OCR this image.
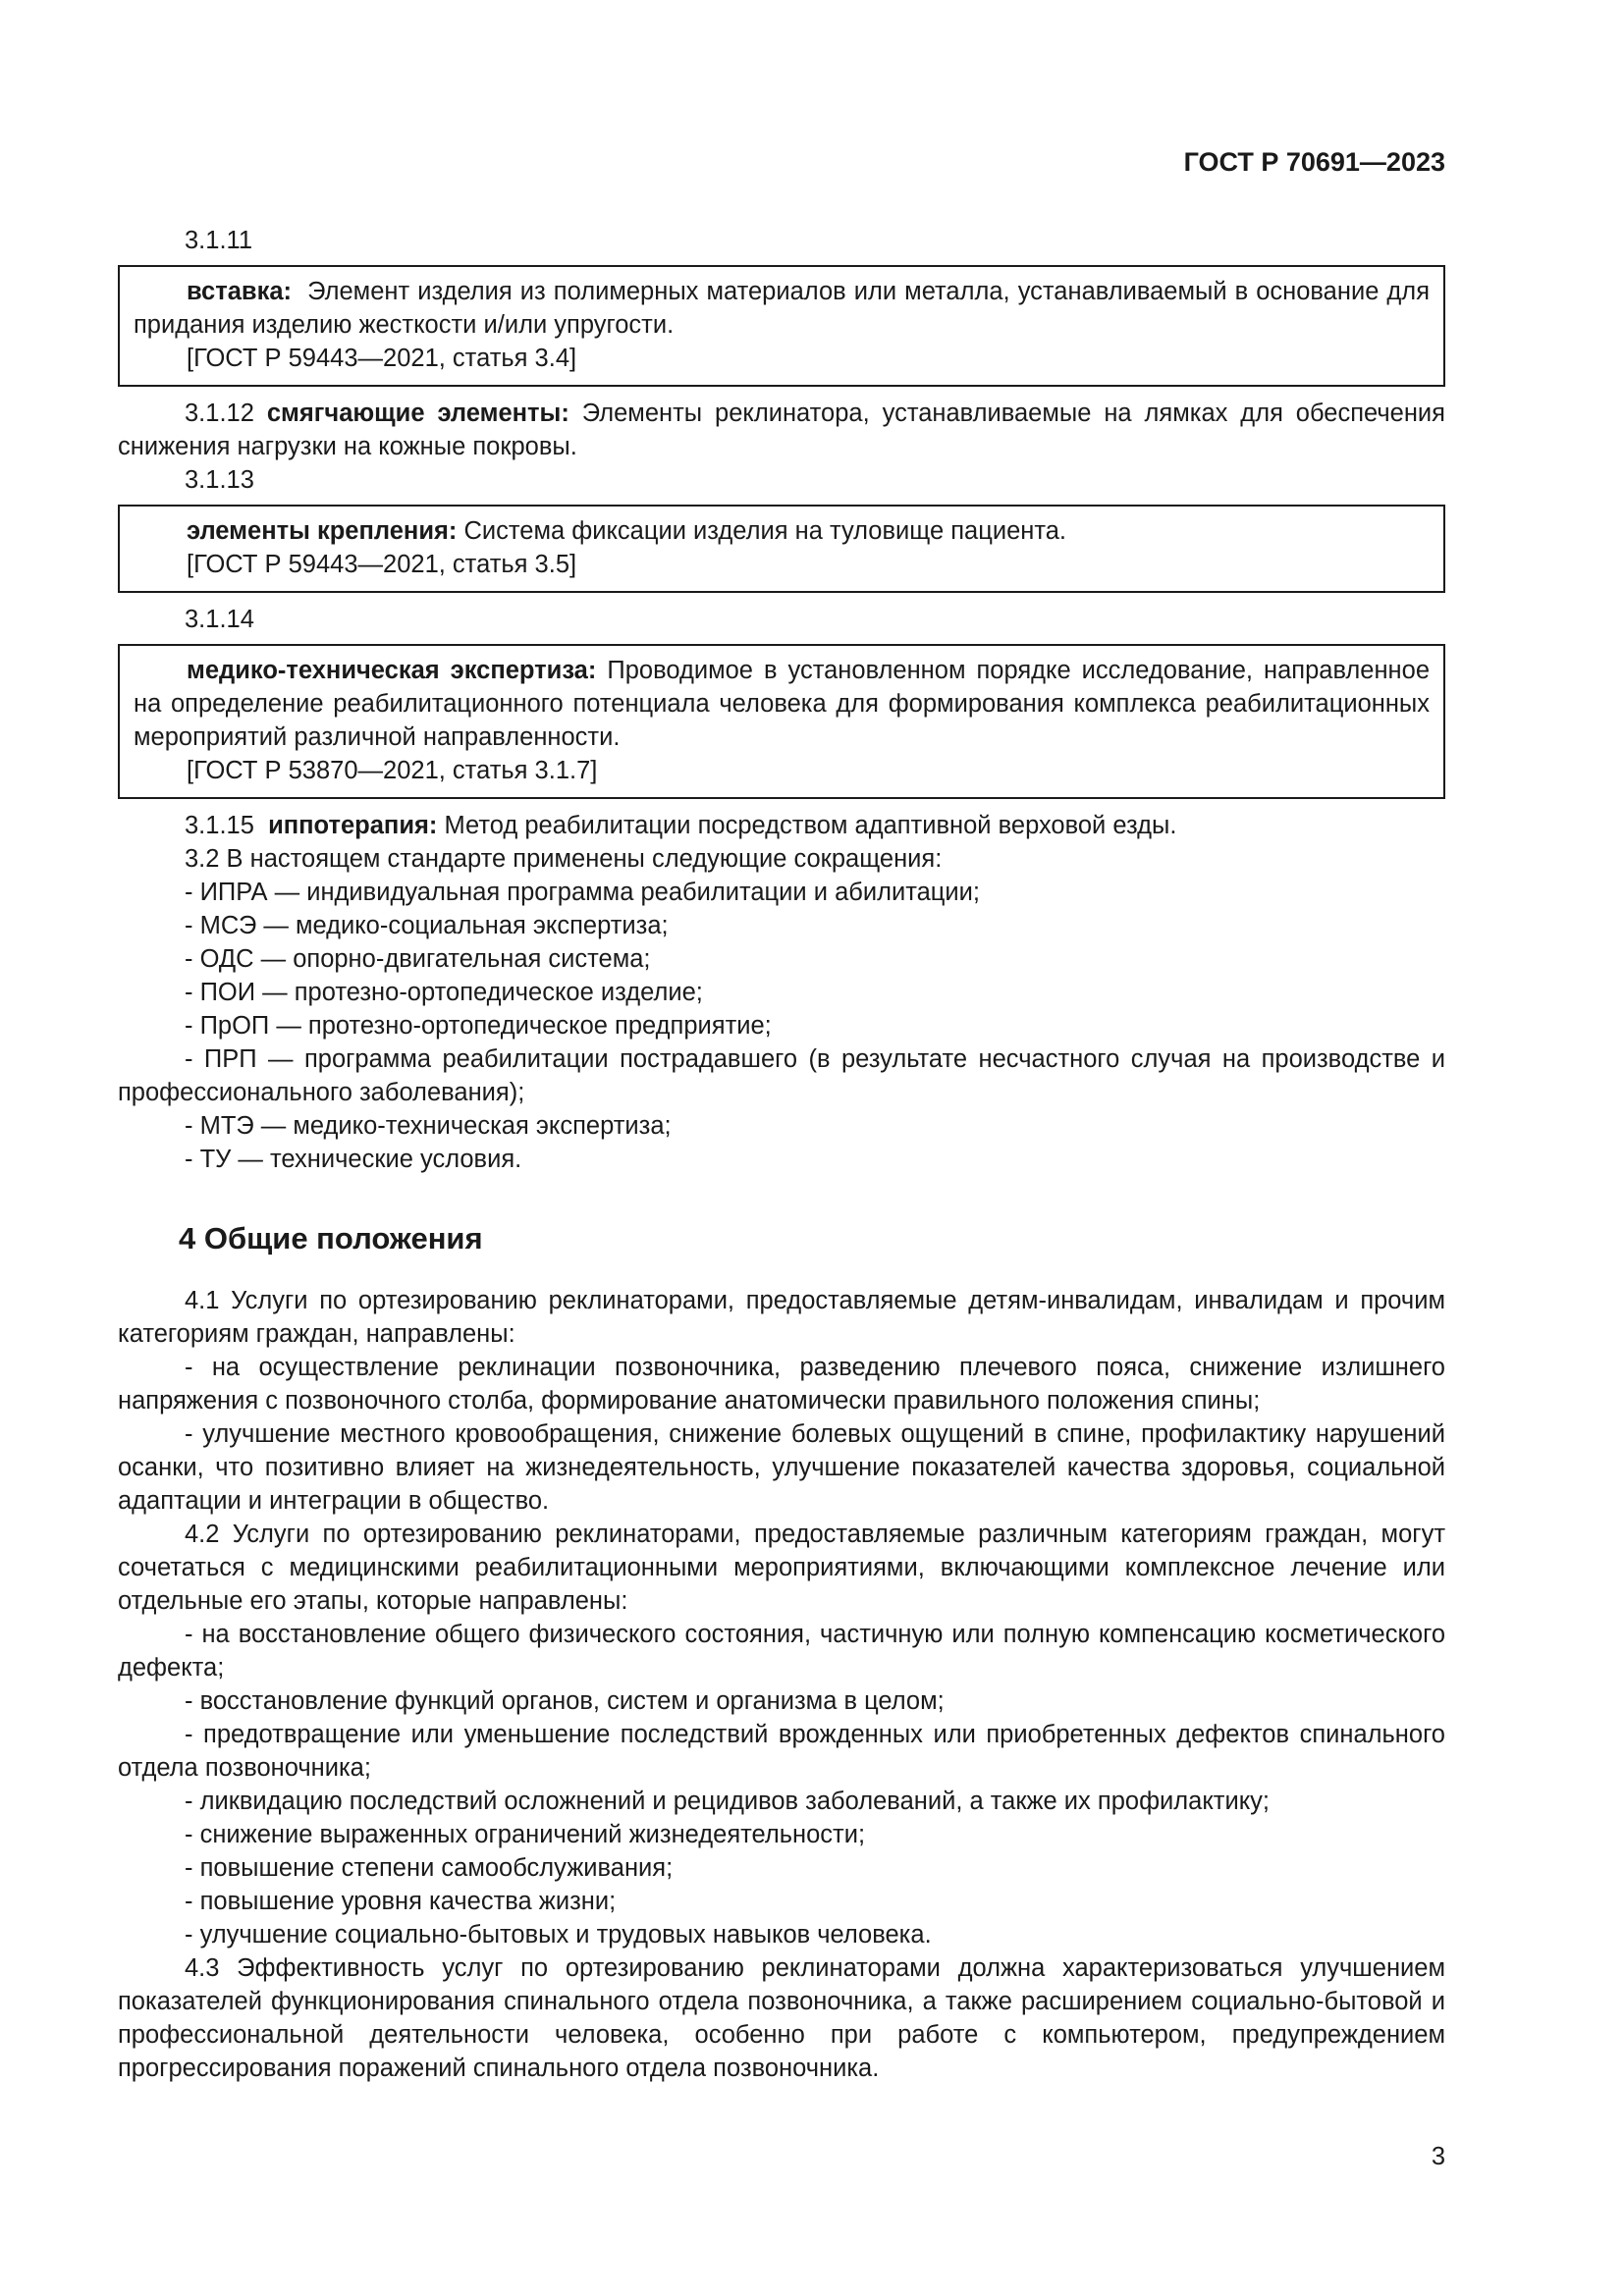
ГОСТ Р 70691—2023

3.1.11

вставка: Элемент изделия из полимерных материалов или металла, устанавливаемый в основание для придания изделию жесткости и/или упругости.

[ГОСТ Р 59443—2021, статья 3.4]

3.1.12 смягчающие элементы: Элементы реклинатора, устанавливаемые на лямках для обеспечения снижения нагрузки на кожные покровы.

3.1.13

элементы крепления: Система фиксации изделия на туловище пациента.

[ГОСТ Р 59443—2021, статья 3.5]

3.1.14

медико-техническая экспертиза: Проводимое в установленном порядке исследование, направленное на определение реабилитационного потенциала человека для формирования комплекса реабилитационных мероприятий различной направленности.

[ГОСТ Р 53870—2021, статья 3.1.7]

3.1.15 иппотерапия: Метод реабилитации посредством адаптивной верховой езды.

3.2 В настоящем стандарте применены следующие сокращения:

- ИПРА — индивидуальная программа реабилитации и абилитации;

- МСЭ — медико-социальная экспертиза;

- ОДС — опорно-двигательная система;

- ПОИ — протезно-ортопедическое изделие;

- ПрОП — протезно-ортопедическое предприятие;

- ПРП — программа реабилитации пострадавшего (в результате несчастного случая на производстве и профессионального заболевания);

- МТЭ — медико-техническая экспертиза;

- ТУ — технические условия.

4 Общие положения

4.1 Услуги по ортезированию реклинаторами, предоставляемые детям-инвалидам, инвалидам и прочим категориям граждан, направлены:

- на осуществление реклинации позвоночника, разведению плечевого пояса, снижение излишнего напряжения с позвоночного столба, формирование анатомически правильного положения спины;

- улучшение местного кровообращения, снижение болевых ощущений в спине, профилактику нарушений осанки, что позитивно влияет на жизнедеятельность, улучшение показателей качества здоровья, социальной адаптации и интеграции в общество.

4.2 Услуги по ортезированию реклинаторами, предоставляемые различным категориям граждан, могут сочетаться с медицинскими реабилитационными мероприятиями, включающими комплексное лечение или отдельные его этапы, которые направлены:

- на восстановление общего физического состояния, частичную или полную компенсацию косметического дефекта;

- восстановление функций органов, систем и организма в целом;

- предотвращение или уменьшение последствий врожденных или приобретенных дефектов спинального отдела позвоночника;

- ликвидацию последствий осложнений и рецидивов заболеваний, а также их профилактику;

- снижение выраженных ограничений жизнедеятельности;

- повышение степени самообслуживания;

- повышение уровня качества жизни;

- улучшение социально-бытовых и трудовых навыков человека.

4.3 Эффективность услуг по ортезированию реклинаторами должна характеризоваться улучшением показателей функционирования спинального отдела позвоночника, а также расширением социально-бытовой и профессиональной деятельности человека, особенно при работе с компьютером, предупреждением прогрессирования поражений спинального отдела позвоночника.

3
